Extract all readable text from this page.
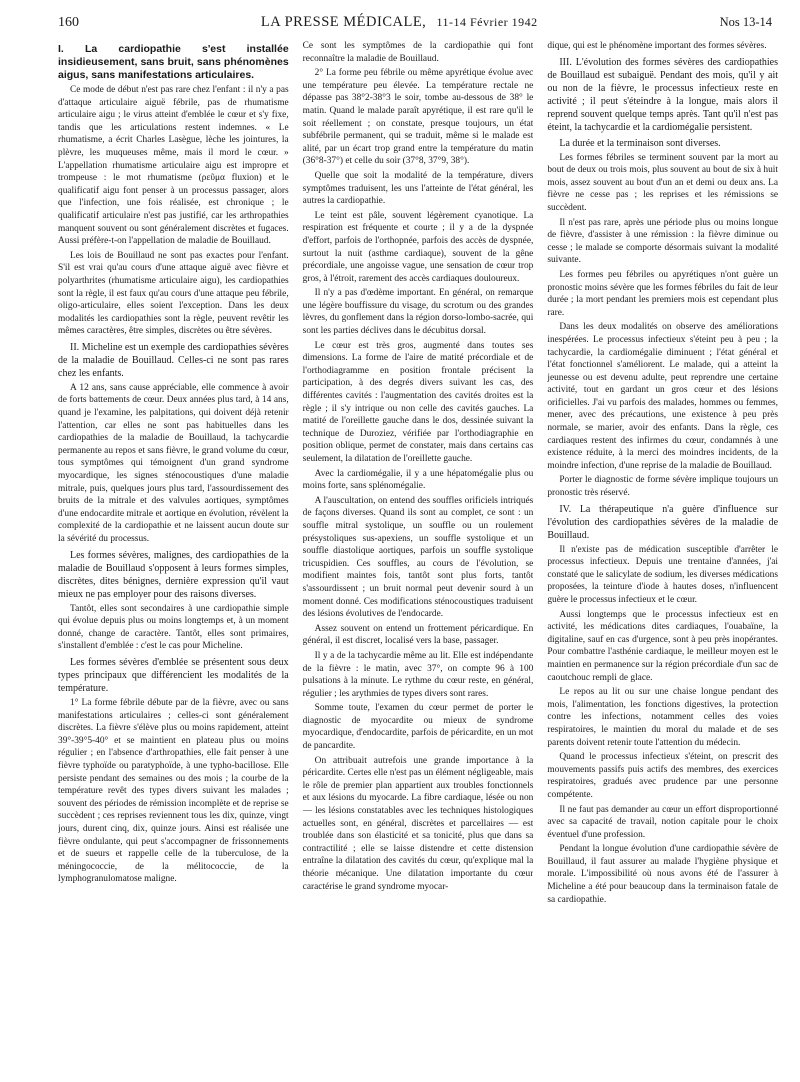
160	LA PRESSE MÉDICALE, 11-14 Février 1942	Nos 13-14
I. La cardiopathie s'est installée insidieusement, sans bruit, sans phénomènes aigus, sans manifestations articulaires.

Ce mode de début n'est pas rare chez l'enfant : il n'y a pas d'attaque articulaire aiguë fébrile, pas de rhumatisme articulaire aigu ; le virus atteint d'emblée le cœur et s'y fixe, tandis que les articulations restent indemnes. « Le rhumatisme, a écrit Charles Lasègue, lèche les jointures, la plèvre, les muqueuses même, mais il mord le cœur. » L'appellation rhumatisme articulaire aigu est impropre et trompeuse : le mot rhumatisme (ρεῦμα fluxion) et le qualificatif aigu font penser à un processus passager, alors que l'infection, une fois réalisée, est chronique ; le qualificatif articulaire n'est pas justifié, car les arthropathies manquent souvent ou sont généralement discrètes et fugaces. Aussi préfère-t-on l'appellation de maladie de Bouillaud.

Les lois de Bouillaud ne sont pas exactes pour l'enfant. S'il est vrai qu'au cours d'une attaque aiguë avec fièvre et polyarthrites (rhumatisme articulaire aigu), les cardiopathies sont la règle, il est faux qu'au cours d'une attaque peu fébrile, oligo-articulaire, elles soient l'exception. Dans les deux modalités les cardiopathies sont la règle, peuvent revêtir les mêmes caractères, être simples, discrètes ou être sévères.

II. Micheline est un exemple des cardiopathies sévères de la maladie de Bouillaud. Celles-ci ne sont pas rares chez les enfants.

A 12 ans, sans cause appréciable, elle commence à avoir de forts battements de cœur. Deux années plus tard, à 14 ans, quand je l'examine, les palpitations, qui doivent déjà retenir l'attention, car elles ne sont pas habituelles dans les cardiopathies de la maladie de Bouillaud, la tachycardie permanente au repos et sans fièvre, le grand volume du cœur, tous symptômes qui témoignent d'un grand syndrome myocardique, les signes sténocoustiques d'une maladie mitrale, puis, quelques jours plus tard, l'assourdissement des bruits de la mitrale et des valvules aortiques, symptômes d'une endocardite mitrale et aortique en évolution, révèlent la complexité de la cardiopathie et ne laissent aucun doute sur la sévérité du processus.

Les formes sévères, malignes, des cardiopathies de la maladie de Bouillaud s'opposent à leurs formes simples, discrètes, dites bénignes, dernière expression qu'il vaut mieux ne pas employer pour des raisons diverses.

Tantôt, elles sont secondaires à une cardiopathie simple qui évolue depuis plus ou moins longtemps et, à un moment donné, change de caractère. Tantôt, elles sont primaires, s'installent d'emblée : c'est le cas pour Micheline.

Les formes sévères d'emblée se présentent sous deux types principaux que différencient les modalités de la température.

1° La forme fébrile débute par de la fièvre, avec ou sans manifestations articulaires ; celles-ci sont généralement discrètes. La fièvre s'élève plus ou moins rapidement, atteint 39°-39°5-40° et se maintient en plateau plus ou moins régulier ; en l'absence d'arthropathies, elle fait penser à une fièvre typhoïde ou paratyphoïde, à une typho-bacillose. Elle persiste pendant des semaines ou des mois ; la courbe de la température revêt des types divers suivant les malades ; souvent des périodes de rémission incomplète et de reprise se succèdent ; ces reprises reviennent tous les dix, quinze, vingt jours, durent cinq, dix, quinze jours. Ainsi est réalisée une fièvre ondulante, qui peut s'accompagner de frissonnements et de sueurs et rappelle celle de la tuberculose, de la méningococcie, de la mélitococcie, de la lymphogranulomatose maligne.

Ce sont les symptômes de la cardiopathie qui font reconnaître la maladie de Bouillaud.

2° La forme peu fébrile ou même apyrétique évolue avec une température peu élevée. La température rectale ne dépasse pas 38°2-38°3 le soir, tombe au-dessous de 38° le matin. Quand le malade paraît apyrétique, il est rare qu'il le soit réellement ; on constate, presque toujours, un état subfébrile permanent, qui se traduit, même si le malade est alité, par un écart trop grand entre la température du matin (36°8-37°) et celle du soir (37°8, 37°9, 38°).

Quelle que soit la modalité de la température, divers symptômes traduisent, les uns l'atteinte de l'état général, les autres la cardiopathie.

Le teint est pâle, souvent légèrement cyanotique. La respiration est fréquente et courte ; il y a de la dyspnée d'effort, parfois de l'orthopnée, parfois des accès de dyspnée, surtout la nuit (asthme cardiaque), souvent de la gêne précordiale, une angoisse vague, une sensation de cœur trop gros, à l'étroit, rarement des accès cardiaques douloureux.

Il n'y a pas d'œdème important. En général, on remarque une légère bouffissure du visage, du scrotum ou des grandes lèvres, du gonflement dans la région dorso-lombo-sacrée, qui sont les parties déclives dans le décubitus dorsal.

Le cœur est très gros, augmenté dans toutes ses dimensions. La forme de l'aire de matité précordiale et de l'orthodiagramme en position frontale précisent la participation, à des degrés divers suivant les cas, des différentes cavités : l'augmentation des cavités droites est la règle ; il s'y intrique ou non celle des cavités gauches. La matité de l'oreillette gauche dans le dos, dessinée suivant la technique de Duroziez, vérifiée par l'orthodiagraphie en position oblique, permet de constater, mais dans certains cas seulement, la dilatation de l'oreillette gauche.

Avec la cardiomégalie, il y a une hépatomégalie plus ou moins forte, sans splénomégalie.

A l'auscultation, on entend des souffles orificiels intriqués de façons diverses. Quand ils sont au complet, ce sont : un souffle mitral systolique, un souffle ou un roulement présystoliques sus-apexiens, un souffle systolique et un souffle diastolique aortiques, parfois un souffle systolique tricuspidien. Ces souffles, au cours de l'évolution, se modifient maintes fois, tantôt sont plus forts, tantôt s'assourdissent ; un bruit normal peut devenir sourd à un moment donné. Ces modifications sténocoustiques traduisent des lésions évolutives de l'endocarde.

Assez souvent on entend un frottement péricardique. En général, il est discret, localisé vers la base, passager.

Il y a de la tachycardie même au lit. Elle est indépendante de la fièvre : le matin, avec 37°, on compte 96 à 100 pulsations à la minute. Le rythme du cœur reste, en général, régulier ; les arythmies de types divers sont rares.

Somme toute, l'examen du cœur permet de porter le diagnostic de myocardite ou mieux de syndrome myocardique, d'endocardite, parfois de péricardite, en un mot de pancardite.

On attribuait autrefois une grande importance à la péricardite. Certes elle n'est pas un élément négligeable, mais le rôle de premier plan appartient aux troubles fonctionnels et aux lésions du myocarde. La fibre cardiaque, lésée ou non — les lésions constatables avec les techniques histologiques actuelles sont, en général, discrètes et parcellaires — est troublée dans son élasticité et sa tonicité, plus que dans sa contractilité ; elle se laisse distendre et cette distension entraîne la dilatation des cavités du cœur, qu'explique mal la théorie mécanique. Une dilatation importante du cœur caractérise le grand syndrome myocar-

dique, qui est le phénomène important des formes sévères.

III. L'évolution des formes sévères des cardiopathies de Bouillaud est subaiguë. Pendant des mois, qu'il y ait ou non de la fièvre, le processus infectieux reste en activité ; il peut s'éteindre à la longue, mais alors il reprend souvent quelque temps après. Tant qu'il n'est pas éteint, la tachycardie et la cardiomégalie persistent.
La durée et la terminaison sont diverses.

Les formes fébriles se terminent souvent par la mort au bout de deux ou trois mois, plus souvent au bout de six à huit mois, assez souvent au bout d'un an et demi ou deux ans. La fièvre ne cesse pas ; les reprises et les rémissions se succèdent.

Il n'est pas rare, après une période plus ou moins longue de fièvre, d'assister à une rémission : la fièvre diminue ou cesse ; le malade se comporte désormais suivant la modalité suivante.

Les formes peu fébriles ou apyrétiques n'ont guère un pronostic moins sévère que les formes fébriles du fait de leur durée ; la mort pendant les premiers mois est cependant plus rare.

Dans les deux modalités on observe des améliorations inespérées. Le processus infectieux s'éteint peu à peu ; la tachycardie, la cardiomégalie diminuent ; l'état général et l'état fonctionnel s'améliorent. Le malade, qui a atteint la jeunesse ou est devenu adulte, peut reprendre une certaine activité, tout en gardant un gros cœur et des lésions orificielles. J'ai vu parfois des malades, hommes ou femmes, mener, avec des précautions, une existence à peu près normale, se marier, avoir des enfants. Dans la règle, ces cardiaques restent des infirmes du cœur, condamnés à une existence réduite, à la merci des moindres incidents, de la moindre infection, d'une reprise de la maladie de Bouillaud.

Porter le diagnostic de forme sévère implique toujours un pronostic très réservé.

IV. La thérapeutique n'a guère d'influence sur l'évolution des cardiopathies sévères de la maladie de Bouillaud.

Il n'existe pas de médication susceptible d'arrêter le processus infectieux. Depuis une trentaine d'années, j'ai constaté que le salicylate de sodium, les diverses médications proposées, la teinture d'iode à hautes doses, n'influencent guère le processus infectieux et le cœur.

Aussi longtemps que le processus infectieux est en activité, les médications dites cardiaques, l'ouabaïne, la digitaline, sauf en cas d'urgence, sont à peu près inopérantes. Pour combattre l'asthénie cardiaque, le meilleur moyen est le maintien en permanence sur la région précordiale d'un sac de caoutchouc rempli de glace.

Le repos au lit ou sur une chaise longue pendant des mois, l'alimentation, les fonctions digestives, la protection contre les infections, notamment celles des voies respiratoires, le maintien du moral du malade et de ses parents doivent retenir toute l'attention du médecin.

Quand le processus infectieux s'éteint, on prescrit des mouvements passifs puis actifs des membres, des exercices respiratoires, gradués avec prudence par une personne compétente.

Il ne faut pas demander au cœur un effort disproportionné avec sa capacité de travail, notion capitale pour le choix éventuel d'une profession.

Pendant la longue évolution d'une cardiopathie sévère de Bouillaud, il faut assurer au malade l'hygiène physique et morale. L'impossibilité où nous avons été de l'assurer à Micheline a été pour beaucoup dans la terminaison fatale de sa cardiopathie.
